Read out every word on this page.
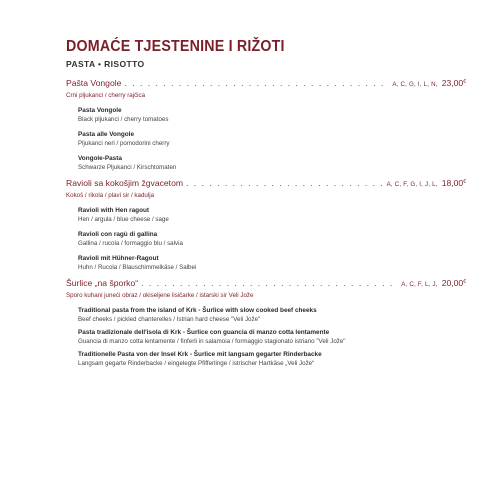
DOMAĆE TJESTENINE I RIŽOTI
PASTA • RISOTTO
Pašta Vongole . . .	A, C, G, I, L, N, 23,00€
Crni pljukanci / cherry rajčica
Pasta Vongole
Black pljukanci / cherry tomatoes
Pasta alle Vongole
Pljukanci neri / pomodorini cherry
Vongole-Pasta
Schwarze Pljukanci / Kirschtomaten
Ravioli sa kokošjim žgvacetom . . .	A, C, F, G, I, J, L, 18,00€
Kokoš / rikola / plavi sir / kadulja
Ravioli with Hen ragout
Hen / argula / blue cheese / sage
Ravioli con ragù di gallina
Gallina / rucola / formaggio blu / salvia
Ravioli mit Hühner-Ragout
Huhn / Rucola / Blauschimmelkäse / Salbei
Šurlice „na šporko“ . . .	A, C, F, L, J, 20,00€
Sporo kuhani juneći obraz / okiseljene lisičarke / istarski sir Veli Jože
Traditional pasta from the island of Krk - Šurlice with slow cooked beef cheeks
Beef cheeks / pickled chanterelles / Istrian hard cheese "Veli Jože"
Pasta tradizionale dell'isola di Krk - Šurlice con guancia di manzo cotta lentamente
Guancia di manzo cotta lentamente / finferli in salamoia / formaggio stagionato istriano "Veli Jože"
Traditionelle Pasta von der Insel Krk - Šurlice mit langsam gegarter Rinderbacke
Langsam gegarte Rinderbacke / eingelegte Pfifferlinge / istrischer Hartkäse „Veli Jože“
